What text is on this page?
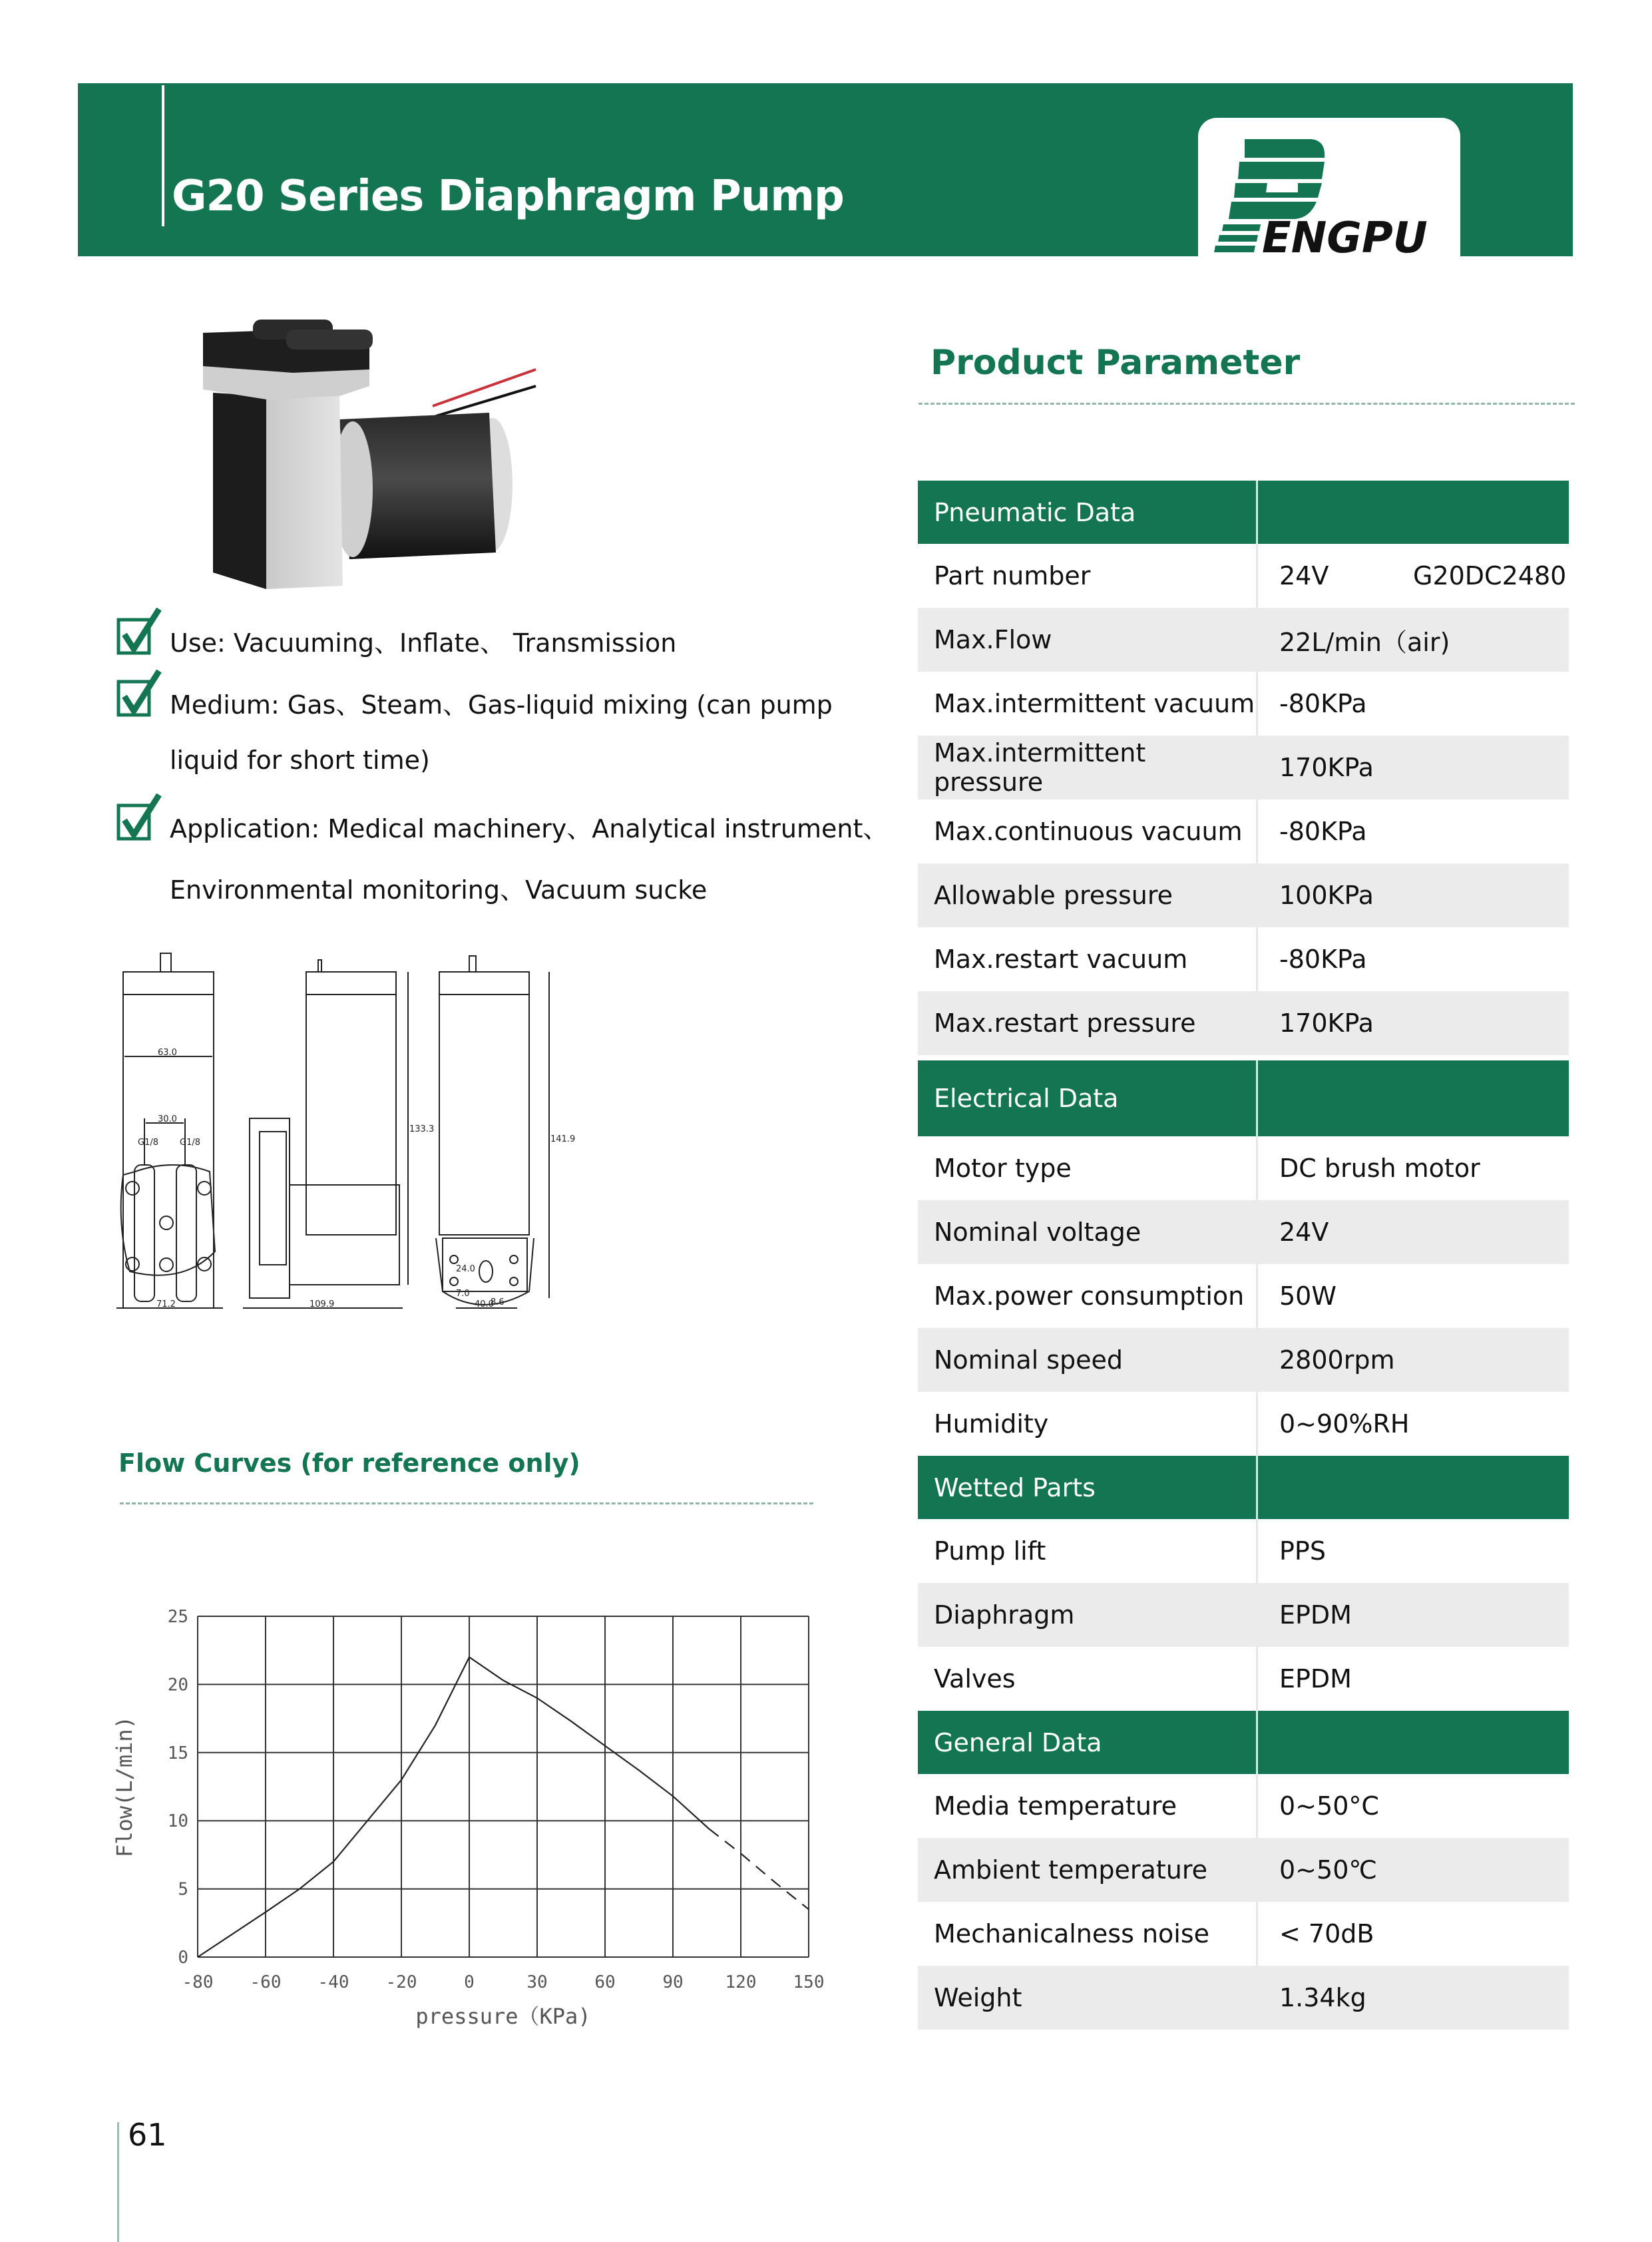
G20 Series Diaphragm Pump
ENGPU
Use: Vacuuming、Inflate、 Transmission
Medium: Gas、Steam、Gas-liquid mixing (can pump
liquid for short time)
Application: Medical machinery、Analytical instrument、
Environmental monitoring、Vacuum sucke
63.0
30.0
G1/8 G1/8
71.2
133.3
109.9
141.9
24.0
7.0
8.6
40.0
Product Parameter
Pneumatic Data
Part number	24V	G20DC2480
Max.Flow	22L/min（air)
Max.intermittent vacuum -80KPa
Max.intermittent pressure	170KPa
Max.continuous vacuum	-80KPa
Allowable pressure	100KPa
Max.restart vacuum	-80KPa
Max.restart pressure	170KPa
Electrical Data
Motor type	DC brush motor
Nominal voltage	24V
Max.power consumption	50W
Nominal speed	2800rpm
Humidity	0~90%RH
Wetted Parts
Pump lift	PPS
Diaphragm	EPDM
Valves	EPDM
General Data
Media temperature	0~50°C
Ambient temperature	0~50℃
Mechanicalness noise	< 70dB
Weight	1.34kg
Flow Curves (for reference only)
-80 -60 -40 -20	0	30	60	90 120 150
0
5
10
15
20
25
pressure（KPa)
Flow(L/min)
61
